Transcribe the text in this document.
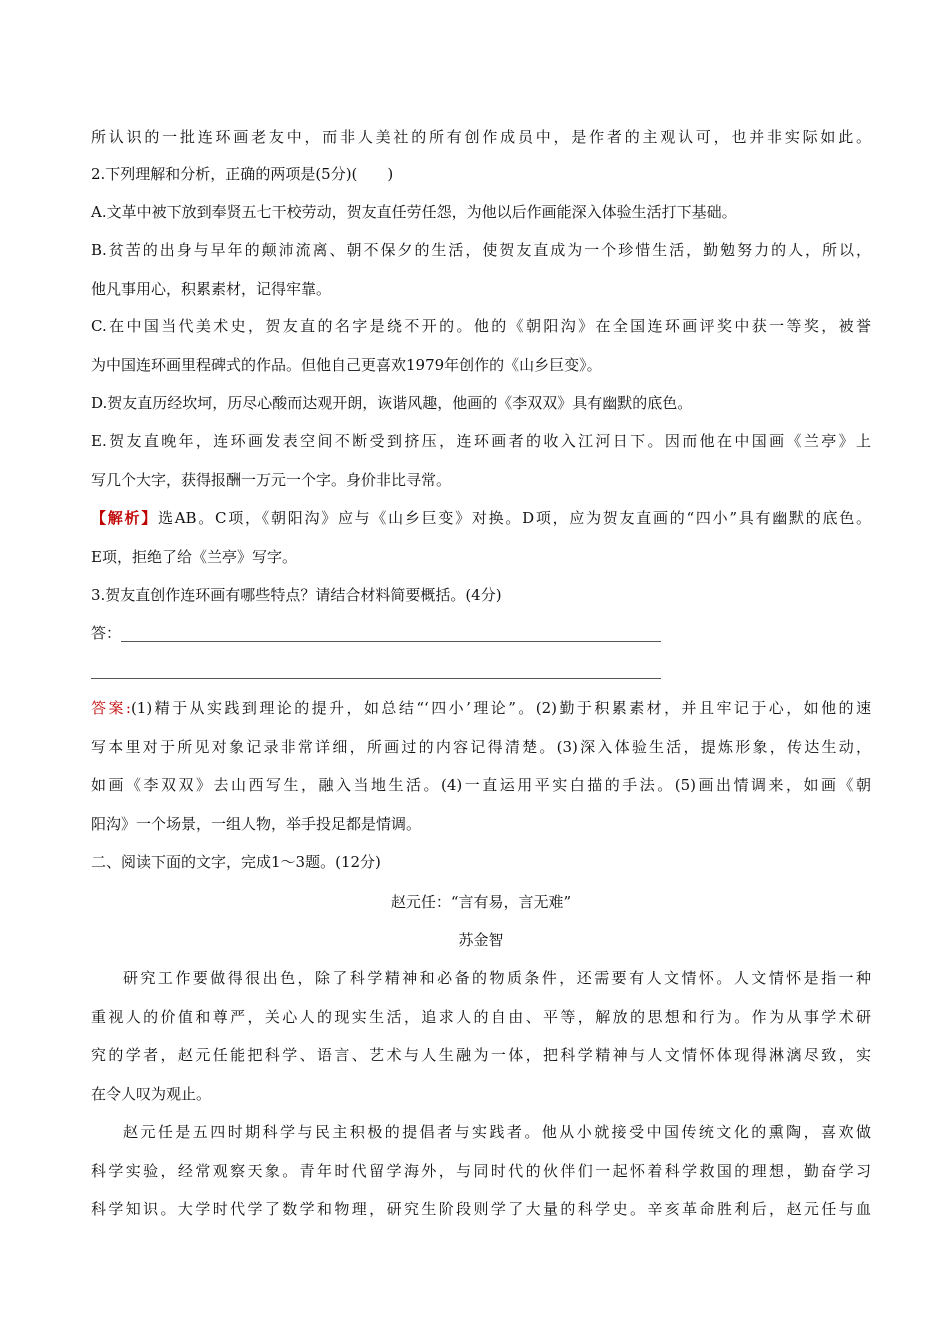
所认识的一批连环画老友中，而非人美社的所有创作成员中，是作者的主观认可，也并非实际如此。
2.下列理解和分析，正确的两项是(5分)(　　)
A.文革中被下放到奉贤五七干校劳动，贺友直任劳任怨，为他以后作画能深入体验生活打下基础。
B.贫苦的出身与早年的颠沛流离、朝不保夕的生活，使贺友直成为一个珍惜生活，勤勉努力的人，所以，
他凡事用心，积累素材，记得牢靠。
C.在中国当代美术史，贺友直的名字是绕不开的。他的《朝阳沟》在全国连环画评奖中获一等奖，被誉
为中国连环画里程碑式的作品。但他自己更喜欢1979年创作的《山乡巨变》。
D.贺友直历经坎坷，历尽心酸而达观开朗，诙谐风趣，他画的《李双双》具有幽默的底色。
E.贺友直晚年，连环画发表空间不断受到挤压，连环画者的收入江河日下。因而他在中国画《兰亭》上
写几个大字，获得报酬一万元一个字。身价非比寻常。
【解析】选AB。C项，《朝阳沟》应与《山乡巨变》对换。D项，应为贺友直画的“四小”具有幽默的底色。
E项，拒绝了给《兰亭》写字。
3.贺友直创作连环画有哪些特点？请结合材料简要概括。(4分)
答：
答案:(1)精于从实践到理论的提升，如总结“‘四小’理论”。(2)勤于积累素材，并且牢记于心，如他的速
写本里对于所见对象记录非常详细，所画过的内容记得清楚。(3)深入体验生活，提炼形象，传达生动，
如画《李双双》去山西写生，融入当地生活。(4)一直运用平实白描的手法。(5)画出情调来，如画《朝
阳沟》一个场景，一组人物，举手投足都是情调。
二、阅读下面的文字，完成1～3题。(12分)
赵元任：“言有易，言无难”
苏金智
研究工作要做得很出色，除了科学精神和必备的物质条件，还需要有人文情怀。人文情怀是指一种
重视人的价值和尊严，关心人的现实生活，追求人的自由、平等，解放的思想和行为。作为从事学术研
究的学者，赵元任能把科学、语言、艺术与人生融为一体，把科学精神与人文情怀体现得淋漓尽致，实
在令人叹为观止。
赵元任是五四时期科学与民主积极的提倡者与实践者。他从小就接受中国传统文化的熏陶，喜欢做
科学实验，经常观察天象。青年时代留学海外，与同时代的伙伴们一起怀着科学救国的理想，勤奋学习
科学知识。大学时代学了数学和物理，研究生阶段则学了大量的科学史。辛亥革命胜利后，赵元任与血
